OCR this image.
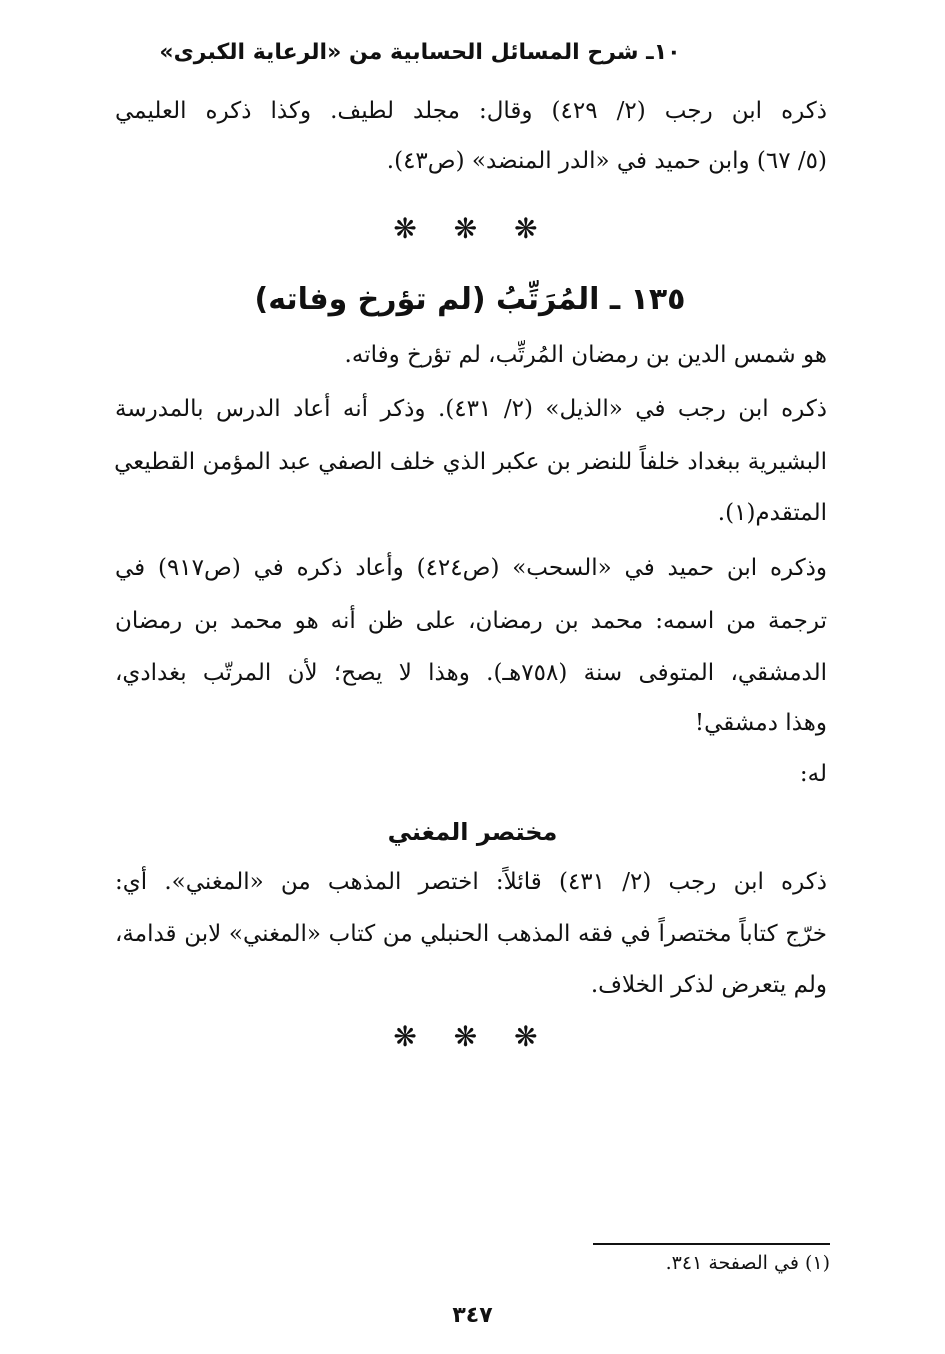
١٠ـ شرح المسائل الحسابية من «الرعاية الكبرى»
ذكره ابن رجب (٢/ ٤٢٩) وقال: مجلد لطيف. وكذا ذكره العليمي
(٥/ ٦٧) وابن حميد في «الدر المنضد» (ص٤٣).
❋ ❋ ❋
١٣٥ ـ المُرَتِّبُ (لم تؤرخ وفاته)
هو شمس الدين بن رمضان المُرتِّب، لم تؤرخ وفاته.
ذكره ابن رجب في «الذيل» (٢/ ٤٣١). وذكر أنه أعاد الدرس بالمدرسة
البشيرية ببغداد خلفاً للنضر بن عكبر الذي خلف الصفي عبد المؤمن القطيعي
المتقدم(١).
وذكره ابن حميد في «السحب» (ص٤٢٤) وأعاد ذكره في (ص٩١٧) في
ترجمة من اسمه: محمد بن رمضان، على ظن أنه هو محمد بن رمضان
الدمشقي، المتوفى سنة (٧٥٨هـ). وهذا لا يصح؛ لأن المرتّب بغدادي،
وهذا دمشقي!
له:
مختصر المغني
ذكره ابن رجب (٢/ ٤٣١) قائلاً: اختصر المذهب من «المغني». أي:
خرّج كتاباً مختصراً في فقه المذهب الحنبلي من كتاب «المغني» لابن قدامة،
ولم يتعرض لذكر الخلاف.
❋ ❋ ❋
(١) في الصفحة ٣٤١.
٣٤٧
